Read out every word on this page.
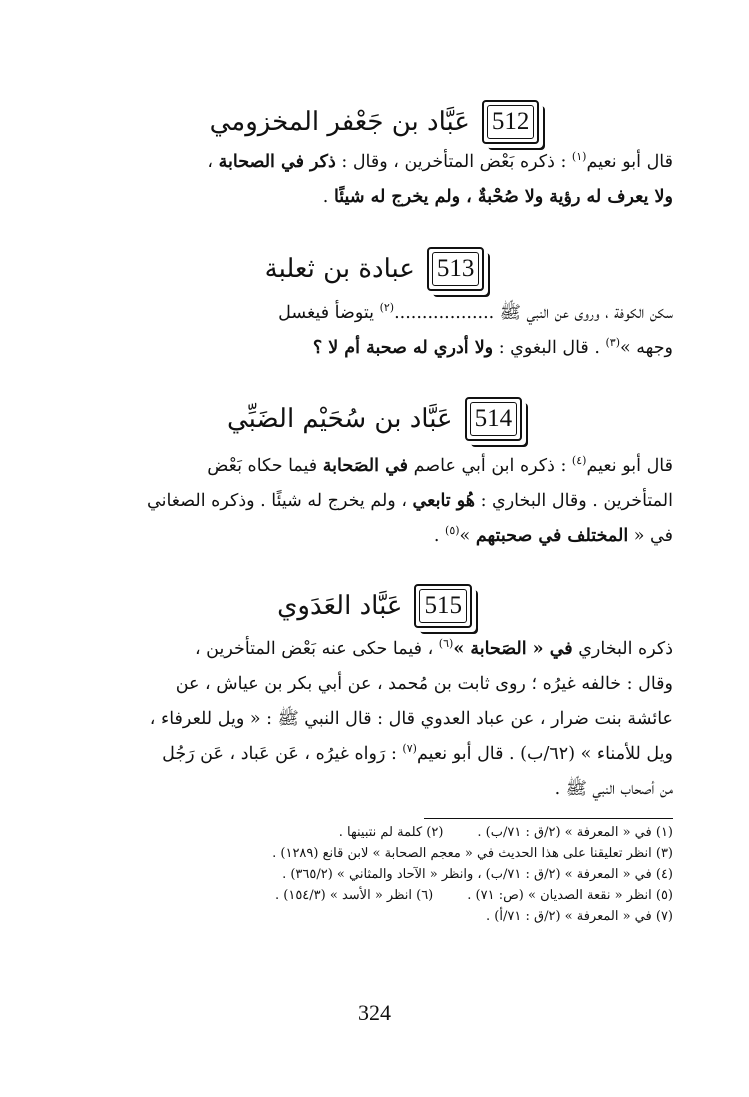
512
عَبَّاد بن جَعْفر المخزومي
قال أبو نعيم$^{(١)}$ : ذكره بَعْض المتأخرين ، وقال : ذكر في الصحابة ،
ولا يعرف له رؤية ولا صُحْبةٌ ، ولم يخرج له شيئًا .
513
عبادة بن ثعلبة
سكن الكوفة ، وروى عن النبي ﷺ ..................$^{(٢)}$ يتوضأ فيغسل
وجهه »$^{(٣)}$ . قال البغوي : ولا أدري له صحبة أم لا ؟
514
عَبَّاد بن سُحَيْم الضَبِّي
قال أبو نعيم$^{(٤)}$ : ذكره ابن أبي عاصم في الصَحابة فيما حكاه بَعْض
المتأخرين . وقال البخاري : هُو تابعي ، ولم يخرج له شيئًا . وذكره الصغاني
في « المختلف في صحبتهم »$^{(٥)}$ .
515
عَبَّاد العَدَوي
ذكره البخاري في « الصَحابة »$^{(٦)}$ ، فيما حكى عنه بَعْض المتأخرين ،
وقال : خالفه غيرُه ؛ روى ثابت بن مُحمد ، عن أبي بكر بن عياش ، عن
عائشة بنت ضرار ، عن عباد العدوي قال : قال النبي ﷺ : « ويل للعرفاء ،
ويل للأمناء » (٦٢/ب) . قال أبو نعيم$^{(٧)}$ : رَواه غيرُه ، عَن عَباد ، عَن رَجُل
من أصحاب النبي ﷺ .
(١) في « المعرفة » (٢/ق : ٧١/ب) .
(٢) كلمة لم نتبينها .
(٣) انظر تعليقنا على هذا الحديث في « معجم الصحابة » لابن قانع (١٢٨٩) .
(٤) في « المعرفة » (٢/ق : ٧١/ب) ، وانظر « الآحاد والمثاني » (٣٦٥/٢) .
(٥) انظر « نقعة الصديان » (ص: ٧١) .
(٦) انظر « الأسد » (١٥٤/٣) .
(٧) في « المعرفة » (٢/ق : ٧١/أ) .
324
